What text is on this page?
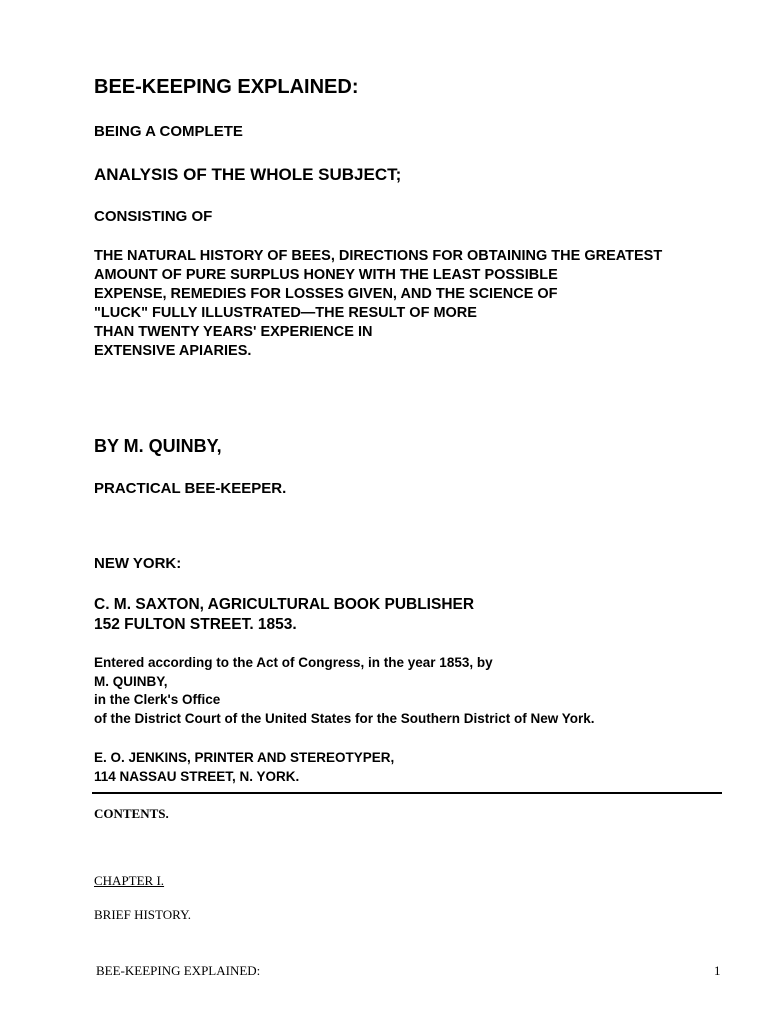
BEE-KEEPING EXPLAINED:

BEING A COMPLETE

ANALYSIS OF THE WHOLE SUBJECT;

CONSISTING OF

THE NATURAL HISTORY OF BEES, DIRECTIONS FOR OBTAINING THE GREATEST
AMOUNT OF PURE SURPLUS HONEY WITH THE LEAST POSSIBLE
EXPENSE, REMEDIES FOR LOSSES GIVEN, AND THE SCIENCE OF
"LUCK" FULLY ILLUSTRATED—THE RESULT OF MORE
THAN TWENTY YEARS' EXPERIENCE IN
EXTENSIVE APIARIES.

BY M. QUINBY,

PRACTICAL BEE-KEEPER.

NEW YORK:

C. M. SAXTON, AGRICULTURAL BOOK PUBLISHER
152 FULTON STREET. 1853.

Entered according to the Act of Congress, in the year 1853, by
M. QUINBY,
in the Clerk's Office
of the District Court of the United States for the Southern District of New York.

E. O. JENKINS, PRINTER AND STEREOTYPER,
114 NASSAU STREET, N. YORK.

CONTENTS.

CHAPTER I.

BRIEF HISTORY.

BEE-KEEPING EXPLAINED:	1
